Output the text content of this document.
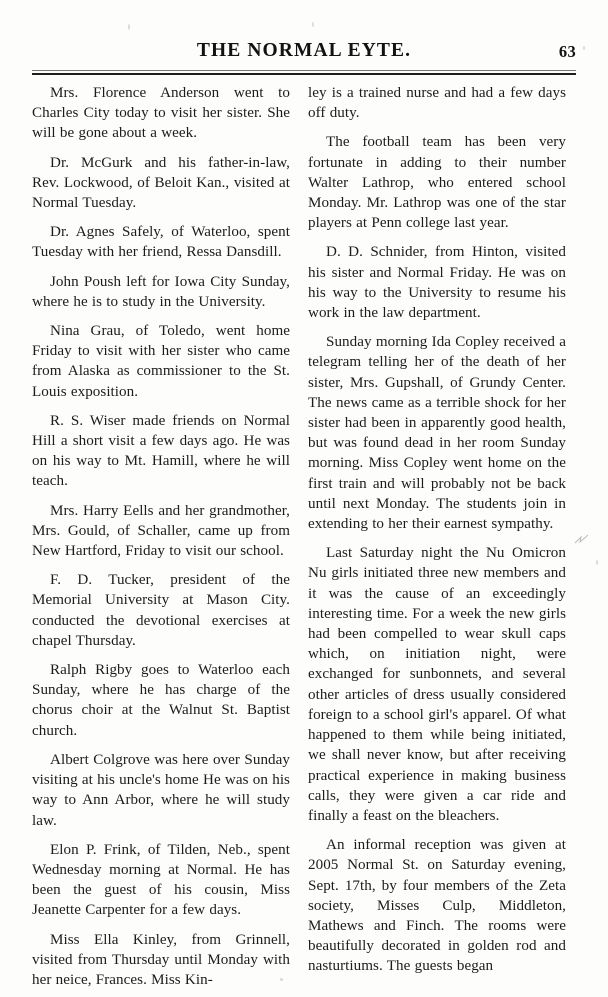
THE NORMAL EYTE.	63

Mrs. Florence Anderson went to Charles City today to visit her sister. She will be gone about a week.

Dr. McGurk and his father-in-law, Rev. Lockwood, of Beloit Kan., visited at Normal Tuesday.

Dr. Agnes Safely, of Waterloo, spent Tuesday with her friend, Ressa Dansdill.

John Poush left for Iowa City Sunday, where he is to study in the University.

Nina Grau, of Toledo, went home Friday to visit with her sister who came from Alaska as commissioner to the St. Louis exposition.

R. S. Wiser made friends on Normal Hill a short visit a few days ago. He was on his way to Mt. Hamill, where he will teach.

Mrs. Harry Eells and her grandmother, Mrs. Gould, of Schaller, came up from New Hartford, Friday to visit our school.

F. D. Tucker, president of the Memorial University at Mason City. conducted the devotional exercises at chapel Thursday.

Ralph Rigby goes to Waterloo each Sunday, where he has charge of the chorus choir at the Walnut St. Baptist church.

Albert Colgrove was here over Sunday visiting at his uncle's home He was on his way to Ann Arbor, where he will study law.

Elon P. Frink, of Tilden, Neb., spent Wednesday morning at Normal. He has been the guest of his cousin, Miss Jeanette Carpenter for a few days.

Miss Ella Kinley, from Grinnell, visited from Thursday until Monday with her neice, Frances. Miss Kin-

ley is a trained nurse and had a few days off duty.

The football team has been very fortunate in adding to their number Walter Lathrop, who entered school Monday. Mr. Lathrop was one of the star players at Penn college last year.

D. D. Schnider, from Hinton, visited his sister and Normal Friday. He was on his way to the University to resume his work in the law department.

Sunday morning Ida Copley received a telegram telling her of the death of her sister, Mrs. Gupshall, of Grundy Center. The news came as a terrible shock for her sister had been in apparently good health, but was found dead in her room Sunday morning. Miss Copley went home on the first train and will probably not be back until next Monday. The students join in extending to her their earnest sympathy.

Last Saturday night the Nu Omicron Nu girls initiated three new members and it was the cause of an exceedingly interesting time. For a week the new girls had been compelled to wear skull caps which, on initiation night, were exchanged for sunbonnets, and several other articles of dress usually considered foreign to a school girl's apparel. Of what happened to them while being initiated, we shall never know, but after receiving practical experience in making business calls, they were given a car ride and finally a feast on the bleachers.

An informal reception was given at 2005 Normal St. on Saturday evening, Sept. 17th, by four members of the Zeta society, Misses Culp, Middleton, Mathews and Finch. The rooms were beautifully decorated in golden rod and nasturtiums. The guests began
